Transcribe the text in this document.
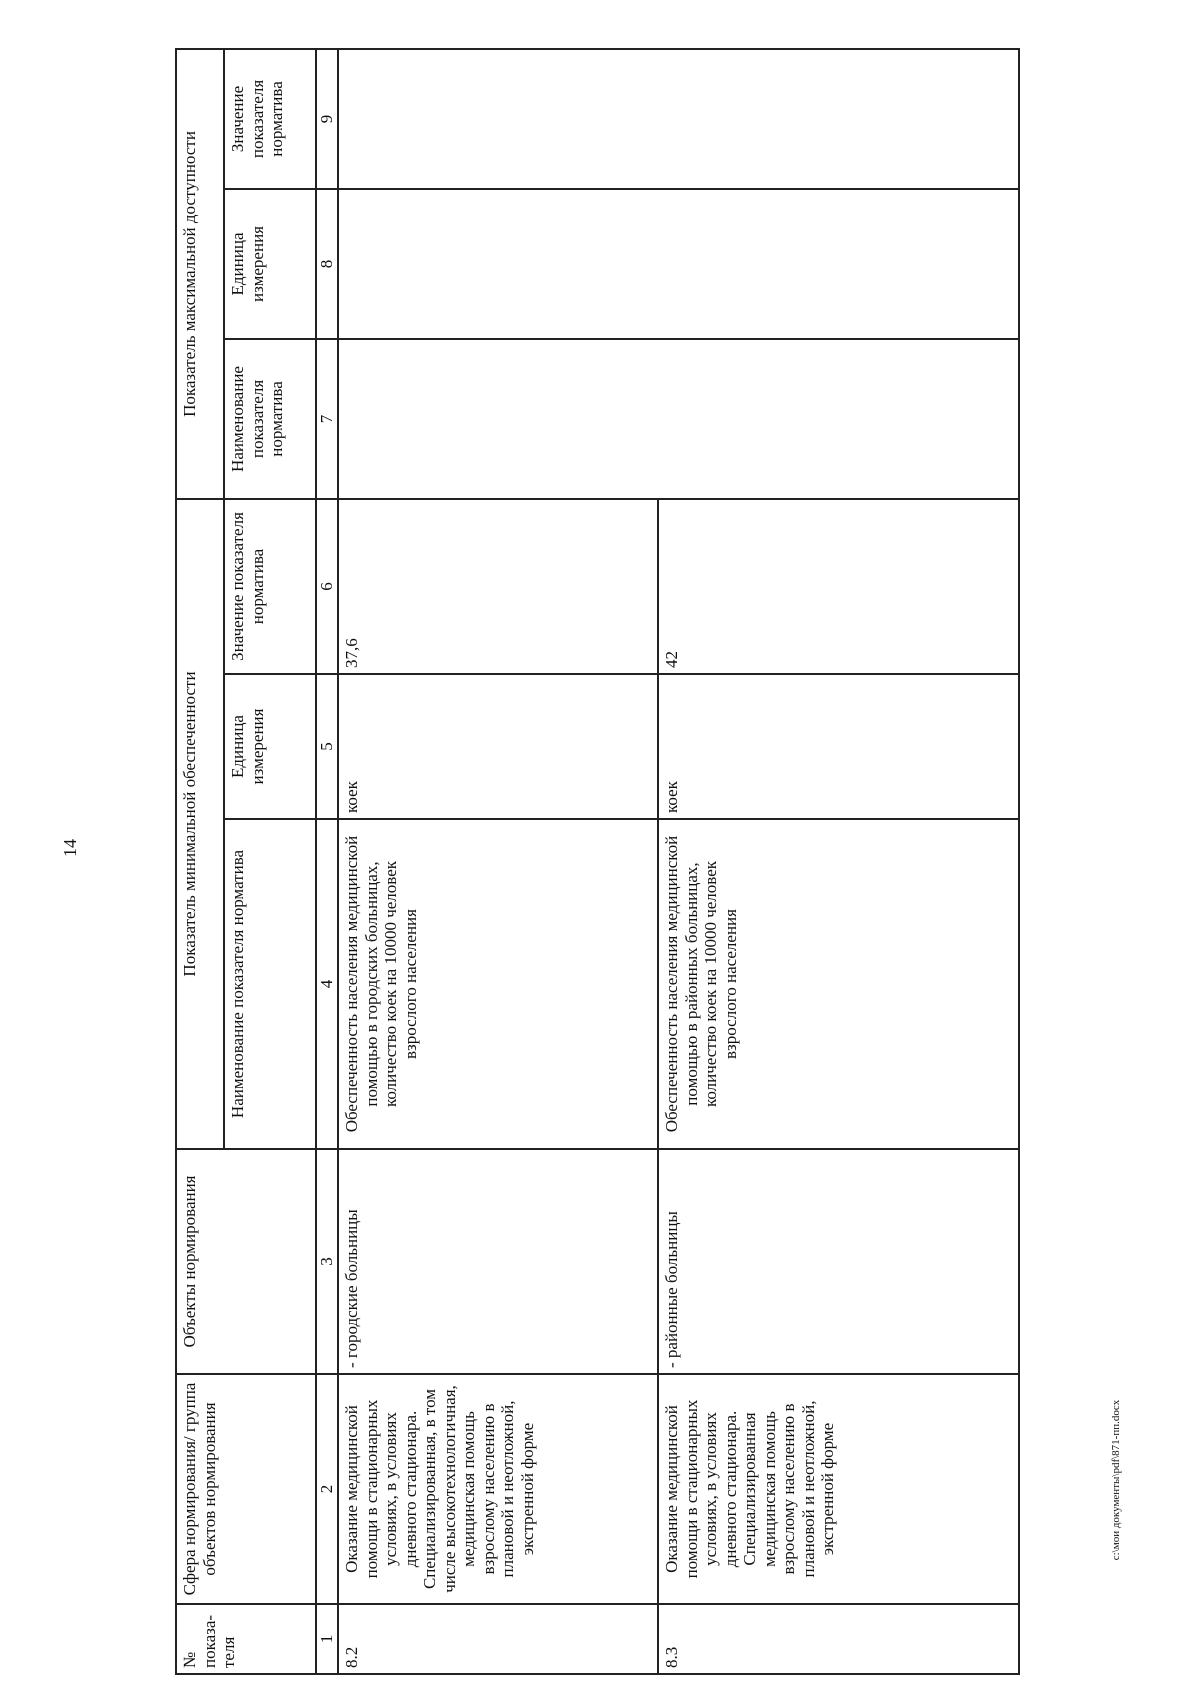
14
№ показа-теля	Сфера нормирования/ группа объектов нормирования	Объекты нормирования	Показатель минимальной обеспеченности			Показатель максимальной доступности		
			Наименование показателя норматива	Единица измерения	Значение показателя норматива	Наименование показателя норматива	Единица измерения	Значение показателя норматива
1	2	3	4	5	6	7	8	9
8.2	Оказание медицинской помощи в стационарных условиях, в условиях дневного стационара. Специализированная, в том числе высокотехнологичная, медицинская помощь взрослому населению в плановой и неотложной, экстренной форме	- городские больницы	Обеспеченность населения медицинской помощью в городских больницах, количество коек на 10000 человек взрослого населения	коек	37,6			
8.3	Оказание медицинской помощи в стационарных условиях, в условиях дневного стационара. Специализированная медицинская помощь взрослому населению в плановой и неотложной, экстренной форме	- районные больницы	Обеспеченность населения медицинской помощью в районных больницах, количество коек на 10000 человек взрослого населения	коек	42			
c:\мои документы\pdf\871-пп.docx
